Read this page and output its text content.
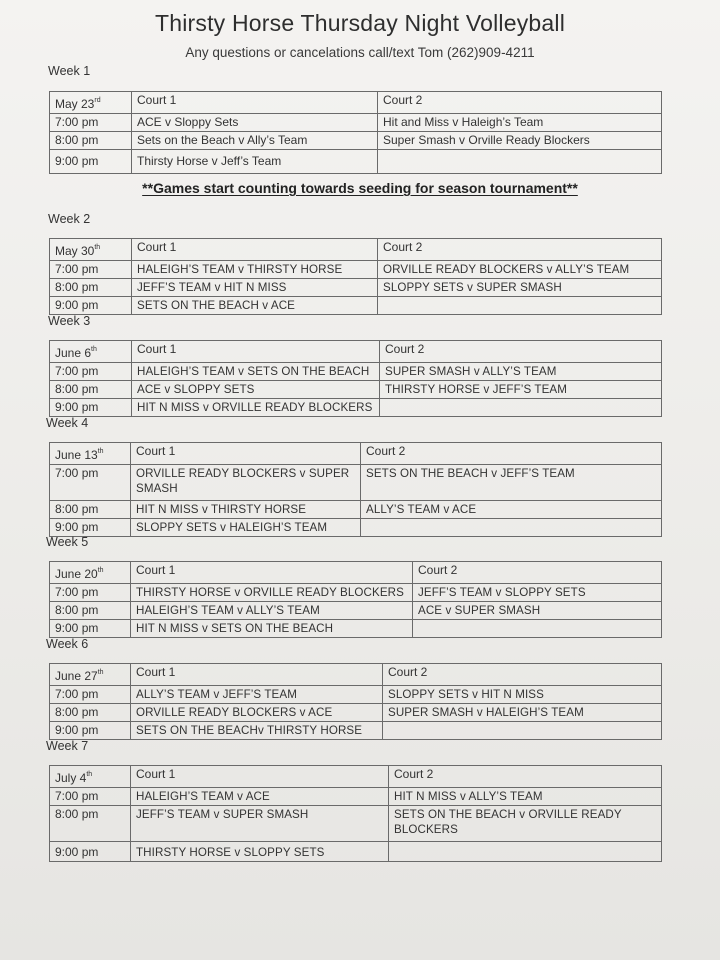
Thirsty Horse Thursday Night Volleyball
Any questions or cancelations call/text Tom (262)909-4211
Week 1
May 23rd	Court 1	Court 2
7:00 pm	ACE v Sloppy Sets	Hit and Miss v Haleigh’s Team
8:00 pm	Sets on the Beach v Ally’s Team	Super Smash v Orville Ready Blockers
9:00 pm	Thirsty Horse v Jeff’s Team	
**Games start counting towards seeding for season tournament**
Week 2
May 30th	Court 1	Court 2
7:00 pm	HALEIGH’S TEAM v THIRSTY HORSE	ORVILLE READY BLOCKERS v ALLY’S TEAM
8:00 pm	JEFF’S TEAM v HIT N MISS	SLOPPY SETS v SUPER SMASH
9:00 pm	SETS ON THE BEACH v ACE	
Week 3
June 6th	Court 1	Court 2
7:00 pm	HALEIGH’S TEAM v SETS ON THE BEACH	SUPER SMASH v ALLY’S TEAM
8:00 pm	ACE v SLOPPY SETS	THIRSTY HORSE v JEFF’S TEAM
9:00 pm	HIT N MISS v ORVILLE READY BLOCKERS	
Week 4
June 13th	Court 1	Court 2
7:00 pm	ORVILLE READY BLOCKERS v SUPER SMASH	SETS ON THE BEACH v JEFF’S TEAM
8:00 pm	HIT N MISS v THIRSTY HORSE	ALLY’S TEAM v ACE
9:00 pm	SLOPPY SETS v HALEIGH’S TEAM	
Week 5
June 20th	Court 1	Court 2
7:00 pm	THIRSTY HORSE v ORVILLE READY BLOCKERS	JEFF’S TEAM v SLOPPY SETS
8:00 pm	HALEIGH’S TEAM v ALLY’S TEAM	ACE v SUPER SMASH
9:00 pm	HIT N MISS v SETS ON THE BEACH	
Week 6
June 27th	Court 1	Court 2
7:00 pm	ALLY’S TEAM v JEFF’S TEAM	SLOPPY SETS v HIT N MISS
8:00 pm	ORVILLE READY BLOCKERS v ACE	SUPER SMASH v HALEIGH’S TEAM
9:00 pm	SETS ON THE BEACHv THIRSTY HORSE	
Week 7
July 4th	Court 1	Court 2
7:00 pm	HALEIGH’S TEAM v ACE	HIT N MISS v ALLY’S TEAM
8:00 pm	JEFF’S TEAM v SUPER SMASH	SETS ON THE BEACH v ORVILLE READY BLOCKERS
9:00 pm	THIRSTY HORSE v SLOPPY SETS	
